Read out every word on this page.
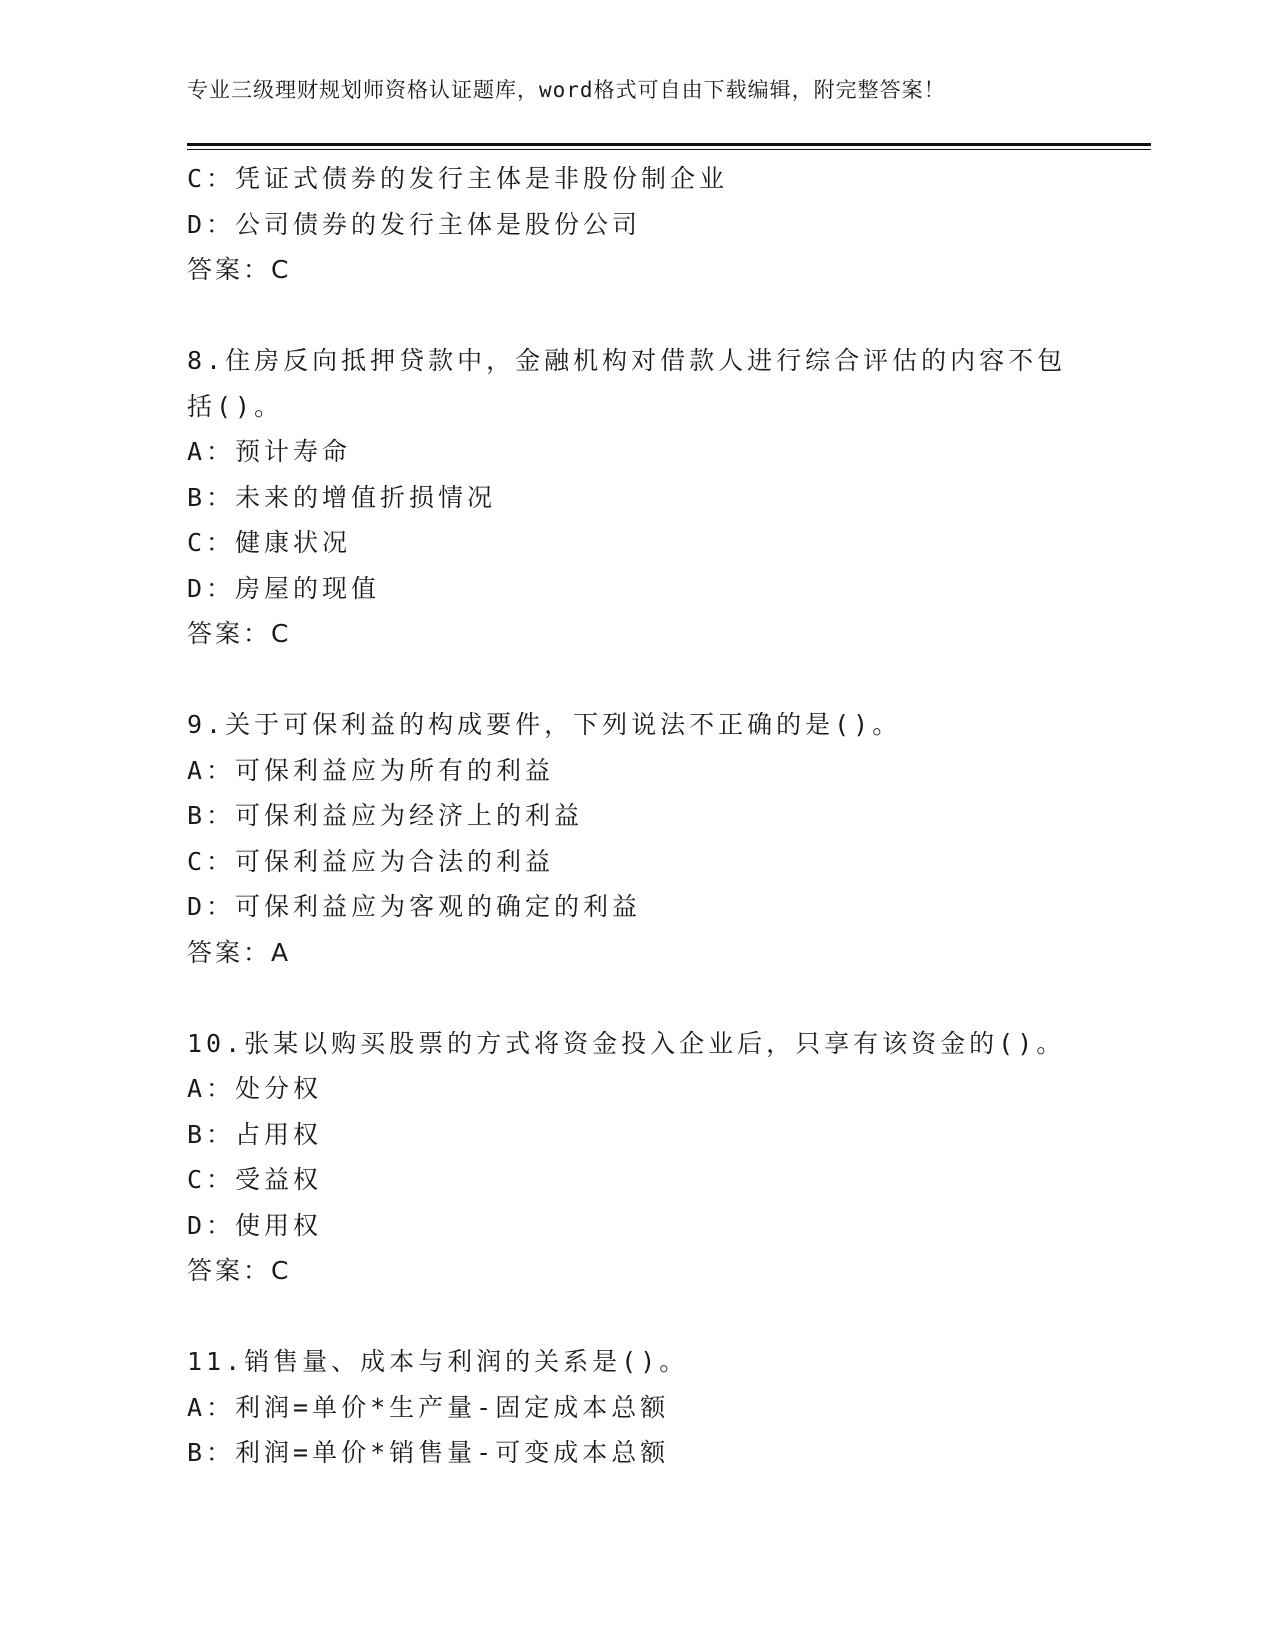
专业三级理财规划师资格认证题库，word格式可自由下载编辑，附完整答案！
C：凭证式债券的发行主体是非股份制企业
D：公司债券的发行主体是股份公司
答案：C
8.住房反向抵押贷款中，金融机构对借款人进行综合评估的内容不包
括()。
A：预计寿命
B：未来的增值折损情况
C：健康状况
D：房屋的现值
答案：C
9.关于可保利益的构成要件，下列说法不正确的是()。
A：可保利益应为所有的利益
B：可保利益应为经济上的利益
C：可保利益应为合法的利益
D：可保利益应为客观的确定的利益
答案：A
10.张某以购买股票的方式将资金投入企业后，只享有该资金的()。
A：处分权
B：占用权
C：受益权
D：使用权
答案：C
11.销售量、成本与利润的关系是()。
A：利润=单价*生产量-固定成本总额
B：利润=单价*销售量-可变成本总额
